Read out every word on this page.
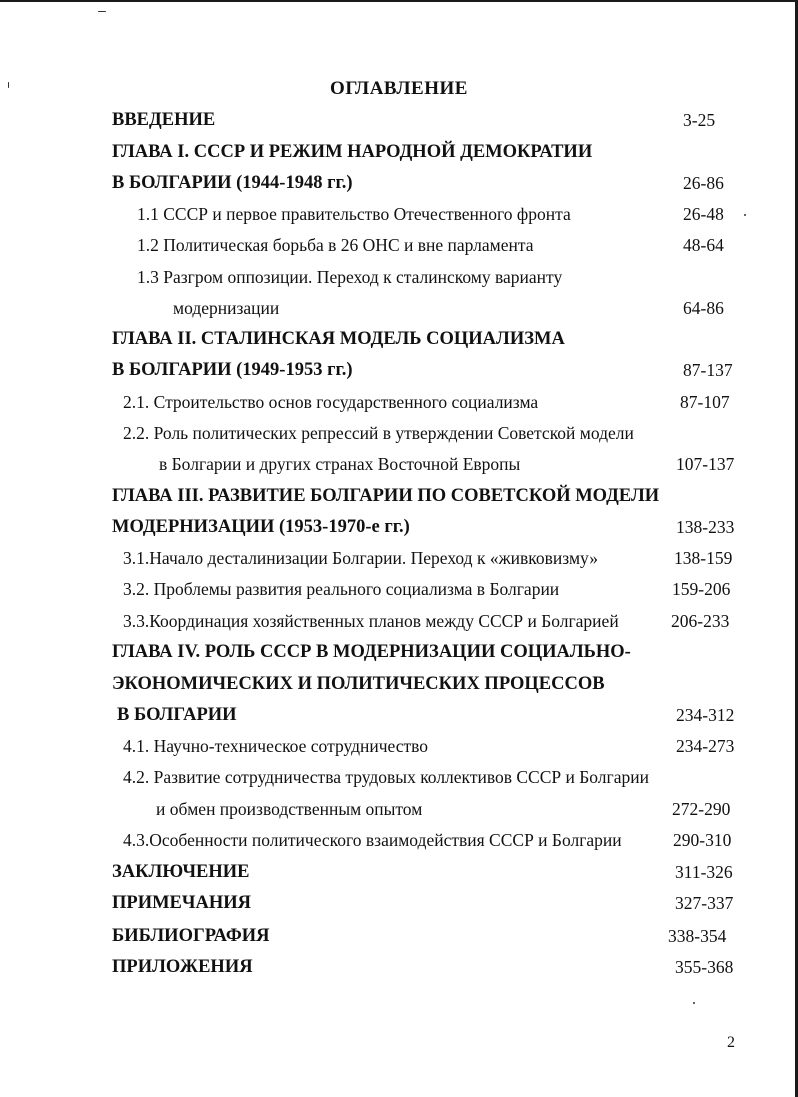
ОГЛАВЛЕНИЕ
ВВЕДЕНИЕ	3-25
ГЛАВА I. СССР И РЕЖИМ НАРОДНОЙ ДЕМОКРАТИИ
В БОЛГАРИИ (1944-1948 гг.)	26-86
1.1 СССР и первое правительство Отечественного фронта	26-48
1.2 Политическая борьба в 26 ОНС и вне парламента	48-64
1.3 Разгром оппозиции. Переход к сталинскому варианту
модернизации	64-86
ГЛАВА II. СТАЛИНСКАЯ МОДЕЛЬ СОЦИАЛИЗМА
В БОЛГАРИИ (1949-1953 гг.)	87-137
2.1. Строительство основ государственного социализма	87-107
2.2. Роль политических репрессий в утверждении Советской модели
в Болгарии и других странах Восточной Европы	107-137
ГЛАВА III. РАЗВИТИЕ БОЛГАРИИ ПО СОВЕТСКОЙ МОДЕЛИ
МОДЕРНИЗАЦИИ (1953-1970-е гг.)	138-233
3.1.Начало десталинизации Болгарии. Переход к «живковизму»	138-159
3.2. Проблемы развития реального социализма в Болгарии	159-206
3.3.Координация хозяйственных планов между СССР и Болгарией	206-233
ГЛАВА IV. РОЛЬ СССР В МОДЕРНИЗАЦИИ СОЦИАЛЬНО-
ЭКОНОМИЧЕСКИХ И ПОЛИТИЧЕСКИХ ПРОЦЕССОВ
В БОЛГАРИИ	234-312
4.1. Научно-техническое сотрудничество	234-273
4.2. Развитие сотрудничества трудовых коллективов СССР и Болгарии
и обмен производственным опытом	272-290
4.3.Особенности политического взаимодействия СССР и Болгарии	290-310
ЗАКЛЮЧЕНИЕ	311-326
ПРИМЕЧАНИЯ	327-337
БИБЛИОГРАФИЯ	338-354
ПРИЛОЖЕНИЯ	355-368
2
